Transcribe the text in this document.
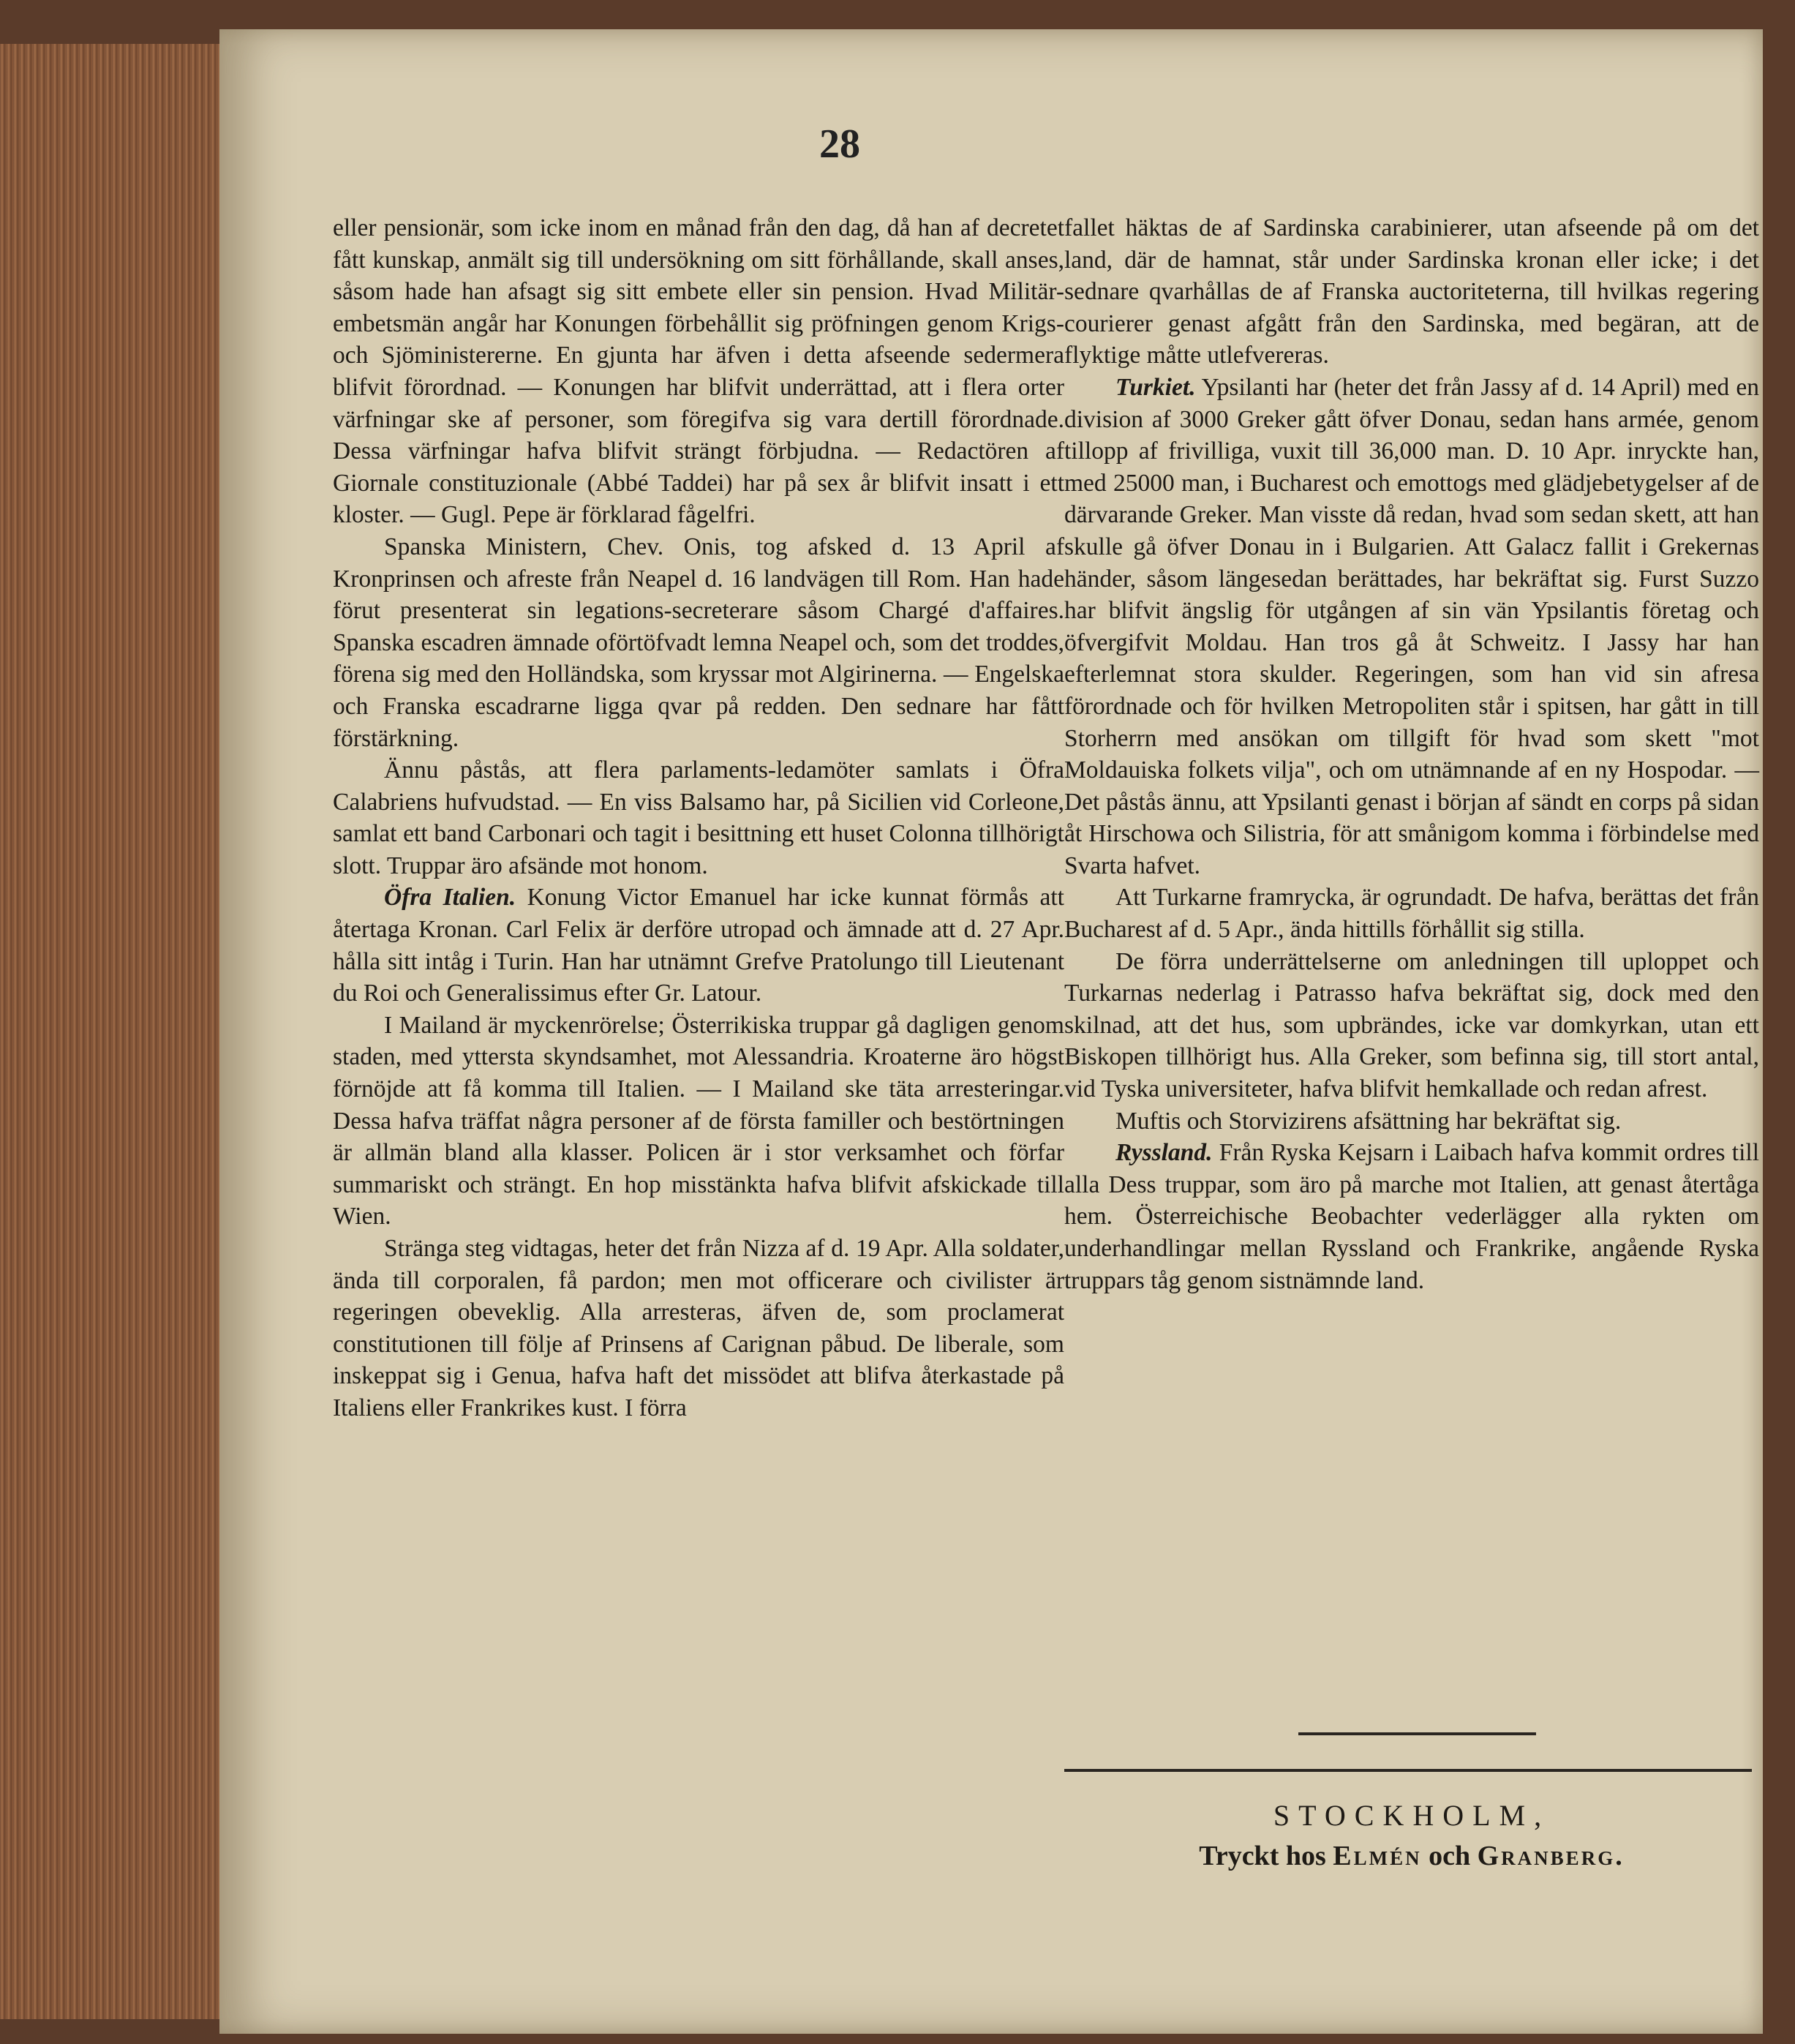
28

eller pensionär, som icke inom en månad från den dag, då han af decretet fått kunskap, anmält sig till undersökning om sitt förhållande, skall anses, såsom hade han afsagt sig sitt embete eller sin pension. Hvad Militär-embetsmän angår har Konungen förbehållit sig pröfningen genom Krigs- och Sjöministererne. En gjunta har äfven i detta afseende sedermera blifvit förordnad. — Konungen har blifvit underrättad, att i flera orter värfningar ske af personer, som föregifva sig vara dertill förordnade. Dessa värfningar hafva blifvit strängt förbjudna. — Redactören af Giornale constituzionale (Abbé Taddei) har på sex år blifvit insatt i ett kloster. — Gugl. Pepe är förklarad fågelfri.

Spanska Ministern, Chev. Onis, tog afsked d. 13 April af Kronprinsen och afreste från Neapel d. 16 landvägen till Rom. Han hade förut presenterat sin legations-secreterare såsom Chargé d'affaires. Spanska escadren ämnade oförtöfvadt lemna Neapel och, som det troddes, förena sig med den Holländska, som kryssar mot Algirinerna. — Engelska och Franska escadrarne ligga qvar på redden. Den sednare har fått förstärkning.

Ännu påstås, att flera parlaments-ledamöter samlats i Öfra Calabriens hufvudstad. — En viss Balsamo har, på Sicilien vid Corleone, samlat ett band Carbonari och tagit i besittning ett huset Colonna tillhörigt slott. Truppar äro afsände mot honom.

Öfra Italien. Konung Victor Emanuel har icke kunnat förmås att återtaga Kronan. Carl Felix är derföre utropad och ämnade att d. 27 Apr. hålla sitt intåg i Turin. Han har utnämnt Grefve Pratolungo till Lieutenant du Roi och Generalissimus efter Gr. Latour.

I Mailand är myckenrörelse; Österrikiska truppar gå dagligen genom staden, med yttersta skyndsamhet, mot Alessandria. Kroaterne äro högst förnöjde att få komma till Italien. — I Mailand ske täta arresteringar. Dessa hafva träffat några personer af de första familler och bestörtningen är allmän bland alla klasser. Policen är i stor verksamhet och förfar summariskt och strängt. En hop misstänkta hafva blifvit afskickade till Wien.

Stränga steg vidtagas, heter det från Nizza af d. 19 Apr. Alla soldater, ända till corporalen, få pardon; men mot officerare och civilister är regeringen obeveklig. Alla arresteras, äfven de, som proclamerat constitutionen till följe af Prinsens af Carignan påbud. De liberale, som inskeppat sig i Genua, hafva haft det missödet att blifva återkastade på Italiens eller Frankrikes kust. I förra

fallet häktas de af Sardinska carabinierer, utan afseende på om det land, där de hamnat, står under Sardinska kronan eller icke; i det sednare qvarhållas de af Franska auctoriteterna, till hvilkas regering courierer genast afgått från den Sardinska, med begäran, att de flyktige måtte utlefvereras.

Turkiet. Ypsilanti har (heter det från Jassy af d. 14 April) med en division af 3000 Greker gått öfver Donau, sedan hans armée, genom tillopp af frivilliga, vuxit till 36,000 man. D. 10 Apr. inryckte han, med 25000 man, i Bucharest och emottogs med glädjebetygelser af de därvarande Greker. Man visste då redan, hvad som sedan skett, att han skulle gå öfver Donau in i Bulgarien. Att Galacz fallit i Grekernas händer, såsom längesedan berättades, har bekräftat sig. Furst Suzzo har blifvit ängslig för utgången af sin vän Ypsilantis företag och öfvergifvit Moldau. Han tros gå åt Schweitz. I Jassy har han efterlemnat stora skulder. Regeringen, som han vid sin afresa förordnade och för hvilken Metropoliten står i spitsen, har gått in till Storherrn med ansökan om tillgift för hvad som skett "mot Moldauiska folkets vilja", och om utnämnande af en ny Hospodar. — Det påstås ännu, att Ypsilanti genast i början af sändt en corps på sidan åt Hirschowa och Silistria, för att smånigom komma i förbindelse med Svarta hafvet.

Att Turkarne framrycka, är ogrundadt. De hafva, berättas det från Bucharest af d. 5 Apr., ända hittills förhållit sig stilla.

De förra underrättelserne om anledningen till uploppet och Turkarnas nederlag i Patrasso hafva bekräftat sig, dock med den skilnad, att det hus, som upbrändes, icke var domkyrkan, utan ett Biskopen tillhörigt hus. Alla Greker, som befinna sig, till stort antal, vid Tyska universiteter, hafva blifvit hemkallade och redan afrest.

Muftis och Storvizirens afsättning har bekräftat sig.

Ryssland. Från Ryska Kejsarn i Laibach hafva kommit ordres till alla Dess truppar, som äro på marche mot Italien, att genast återtåga hem. Österreichische Beobachter vederlägger alla rykten om underhandlingar mellan Ryssland och Frankrike, angående Ryska truppars tåg genom sistnämnde land.

STOCKHOLM,
Tryckt hos Elmén och Granberg.
